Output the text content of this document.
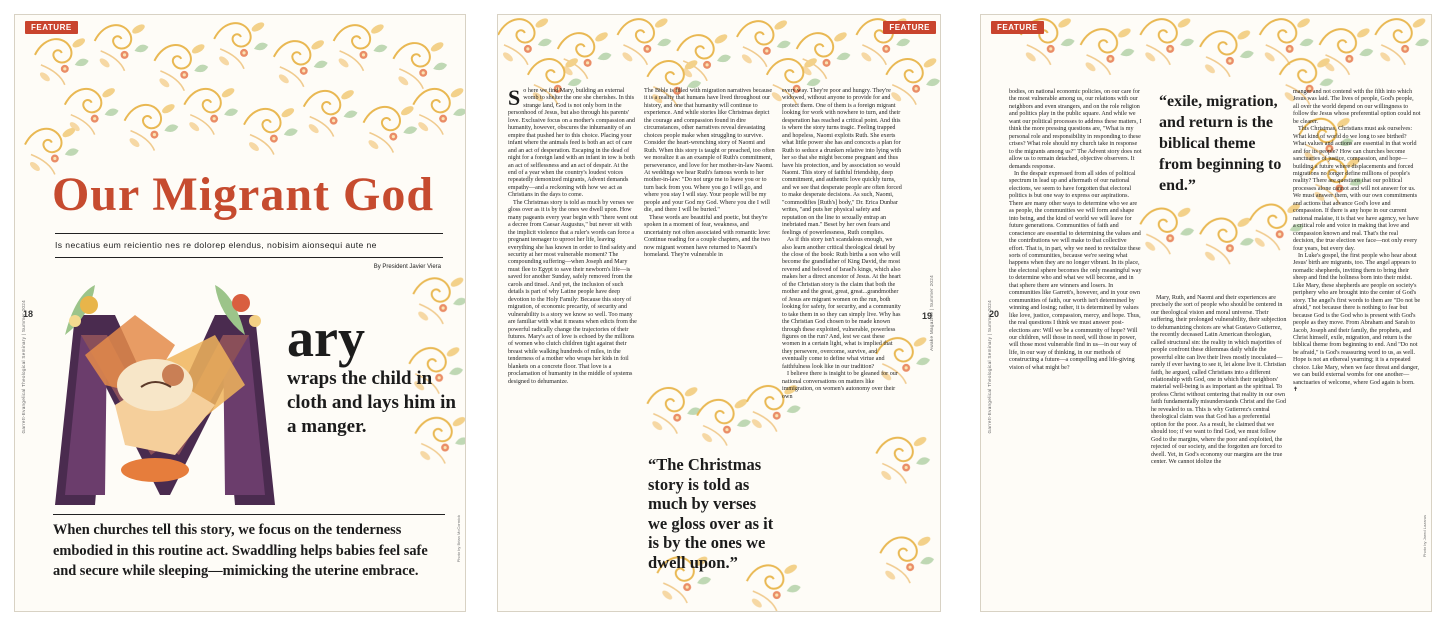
FEATURE
Garrett-Evangelical Theological Seminary | Summer 2024
18
Photo by Brian McCormick
Our Migrant God
Is necatius eum reicientio nes re dolorep elendus, nobisim aionsequi aute ne
By President Javier Viera
ary
wraps the child in cloth and lays him in a manger.
When churches tell this story, we focus on the tenderness embodied in this routine act. Swaddling helps babies feel safe and secure while sleeping—mimicking the uterine embrace.
FEATURE
Awake Magazine | Summer 2024
19
S o here we find Mary, building an external womb to shelter the one she cherishes. In this strange land, God is not only born in the personhood of Jesus, but also through his parents' love. Exclusive focus on a mother's compassion and humanity, however, obscures the inhumanity of an empire that pushed her to this choice. Placing your infant where the animals feed is both an act of care and an act of desperation. Escaping in the dead of night for a foreign land with an infant in tow is both an act of selflessness and an act of despair. At the end of a year when the country's loudest voices repeatedly demonized migrants, Advent demands empathy—and a reckoning with how we act as Christians in the days to come.

The Christmas story is told as much by verses we gloss over as it is by the ones we dwell upon. How many pageants every year begin with "there went out a decree from Caesar Augustus," but never sit with the implicit violence that a ruler's words can force a pregnant teenager to uproot her life, leaving everything she has known in order to find safety and security at her most vulnerable moment? The compounding suffering—when Joseph and Mary must flee to Egypt to save their newborn's life—is saved for another Sunday, safely removed from the carols and tinsel. And yet, the inclusion of such details is part of why Latine people have deep devotion to the Holy Family: Because this story of migration, of economic precarity, of security and vulnerability is a story we know so well. Too many are familiar with what it means when edicts from the powerful radically change the trajectories of their futures. Mary's act of love is echoed by the millions of women who clutch children tight against their breast while walking hundreds of miles, in the tenderness of a mother who wraps her kids in foil blankets on a concrete floor. That love is a proclamation of humanity in the middle of systems designed to dehumanize.

The Bible is filled with migration narratives because it is a reality that humans have lived throughout our history, and one that humanity will continue to experience. And while stories like Christmas depict the courage and compassion found in dire circumstances, other narratives reveal devastating choices people make when struggling to survive. Consider the heart-wrenching story of Naomi and Ruth. When this story is taught or preached, too often we moralize it as an example of Ruth's commitment, perseverance, and love for her mother-in-law Naomi. At weddings we hear Ruth's famous words to her mother-in-law: "Do not urge me to leave you or to turn back from you. Where you go I will go, and where you stay I will stay. Your people will be my people and your God my God. Where you die I will die, and there I will be buried."

These words are beautiful and poetic, but they're spoken in a moment of fear, weakness, and uncertainty not often associated with romantic love: Continue reading for a couple chapters, and the two now migrant women have returned to Naomi's homeland. They're vulnerable in

“The Christmas story is told as much by verses we gloss over as it is by the ones we dwell upon.”

every way. They're poor and hungry. They're widowed, without anyone to provide for and protect them. One of them is a foreign migrant looking for work with nowhere to turn, and their desperation has reached a critical point. And this is where the story turns tragic. Feeling trapped and hopeless, Naomi exploits Ruth. She exerts what little power she has and concocts a plan for Ruth to seduce a drunken relative into lying with her so that she might become pregnant and thus have his protection, and by association so would Naomi. This story of faithful friendship, deep commitment, and authentic love quickly turns, and we see that desperate people are often forced to make desperate decisions. As such, Naomi, "commodifies [Ruth's] body," Dr. Erica Dunbar writes, "and puts her physical safety and reputation on the line to sexually entrap an inebriated man." Beset by her own fears and feelings of powerlessness, Ruth complies.

As if this story isn't scandalous enough, we also learn another critical theological detail by the close of the book: Ruth births a son who will become the grandfather of King David, the most revered and beloved of Israel's kings, which also makes her a direct ancestor of Jesus. At the heart of the Christian story is the claim that both the mother and the great, great, great...grandmother of Jesus are migrant women on the run, both looking for safety, for security, and a community to take them in so they can simply live. Why has the Christian God chosen to be made known through these exploited, vulnerable, powerless figures on the run? And, lest we cast these women in a certain light, what is implied that they persevere, overcome, survive, and eventually come to define what virtue and faithfulness look like in our tradition?

I believe there is insight to be gleaned for our national conversations on matters like immigration, on women's autonomy over their own

FEATURE
Garrett-Evangelical Theological Seminary | Summer 2024
20
Photo by Jared Lazarus

bodies, on national economic policies, on our care for the most vulnerable among us, our relations with our neighbors and even strangers, and on the role religion and politics play in the public square. And while we want our political processes to address these matters, I think the more pressing questions are, "What is my personal role and responsibility in responding to these crises? What role should my church take in response to the migrants among us?" The Advent story does not allow us to remain detached, objective observers. It demands response.

In the despair expressed from all sides of political spectrum in lead up and aftermath of our national elections, we seem to have forgotten that electoral politics is but one way to express our aspirations. There are many other ways to determine who we are as people, the communities we will form and shape into being, and the kind of world we will leave for future generations. Communities of faith and conscience are essential to determining the values and the contributions we will make to that collective effort. That is, in part, why we need to revitalize these sorts of communities, because we're seeing what happens when they are no longer vibrant. In its place, the electoral sphere becomes the only meaningful way to determine who and what we will become, and in that sphere there are winners and losers. In communities like Garrett's, however, and in your own communities of faith, our worth isn't determined by winning and losing; rather, it is determined by values like love, justice, compassion, mercy, and hope. Thus, the real questions I think we must answer post-elections are: Will we be a community of hope? Will our children, will those in need, will those in power, will those most vulnerable find in us—in our way of life, in our way of thinking, in our methods of constructing a future—a compelling and life-giving vision of what might be?

“exile, migration, and return is the biblical theme from beginning to end.”

Mary, Ruth, and Naomi and their experiences are precisely the sort of people who should be centered in our theological vision and moral universe. Their suffering, their prolonged vulnerability, their subjection to dehumanizing choices are what Gustavo Gutierrez, the recently deceased Latin American theologian, called structural sin: the reality in which majorities of people confront these dilemmas daily while the powerful elite can live their lives mostly inoculated—rarely if ever having to see it, let alone live it. Christian faith, he argued, called Christians into a different relationship with God, one in which their neighbors' material well-being is as important as the spiritual. To profess Christ without centering that reality in our own faith fundamentally misunderstands Christ and the God he revealed to us. This is why Gutierrez's central theological claim was that God has a preferential option for the poor. As a result, he claimed that we should too; if we want to find God, we must follow God to the margins, where the poor and exploited, the rejected of our society, and the forgotten are forced to dwell. Yet, in God's economy our margins are the true center. We cannot idolize the

manger and not contend with the filth into which Jesus was laid. The lives of people, God's people, all over the world depend on our willingness to follow the Jesus whose preferential option could not be clearer.

This Christmas, Christians must ask ourselves: What kind of world do we long to see birthed? What values and actions are essential in that world and for its people? How can churches become sanctuaries of justice, compassion, and hope—building a future where displacements and forced migrations no longer define millions of people's reality? There are questions that our political processes alone cannot and will not answer for us. We must answer them, with our own commitments and actions that advance God's love and compassion. If there is any hope in our current national malaise, it is that we have agency, we have a critical role and voice in making that love and compassion known and real. That's the real decision, the true election we face—not only every four years, but every day.

In Luke's gospel, the first people who hear about Jesus' birth are migrants, too. The angel appears to nomadic shepherds, inviting them to bring their sheep and find the holiness born into their midst. Like Mary, these shepherds are people on society's periphery who are brought into the center of God's story. The angel's first words to them are "Do not be afraid," not because there is nothing to fear but because God is the God who is present with God's people as they move. From Abraham and Sarah to Jacob, Joseph and their family, the prophets, and Christ himself, exile, migration, and return is the biblical theme from beginning to end. And "Do not be afraid," is God's reassuring word to us, as well. Hope is not an ethereal yearning; it is a repeated choice. Like Mary, when we face threat and danger, we can build external wombs for one another—sanctuaries of welcome, where God again is born. ✝
